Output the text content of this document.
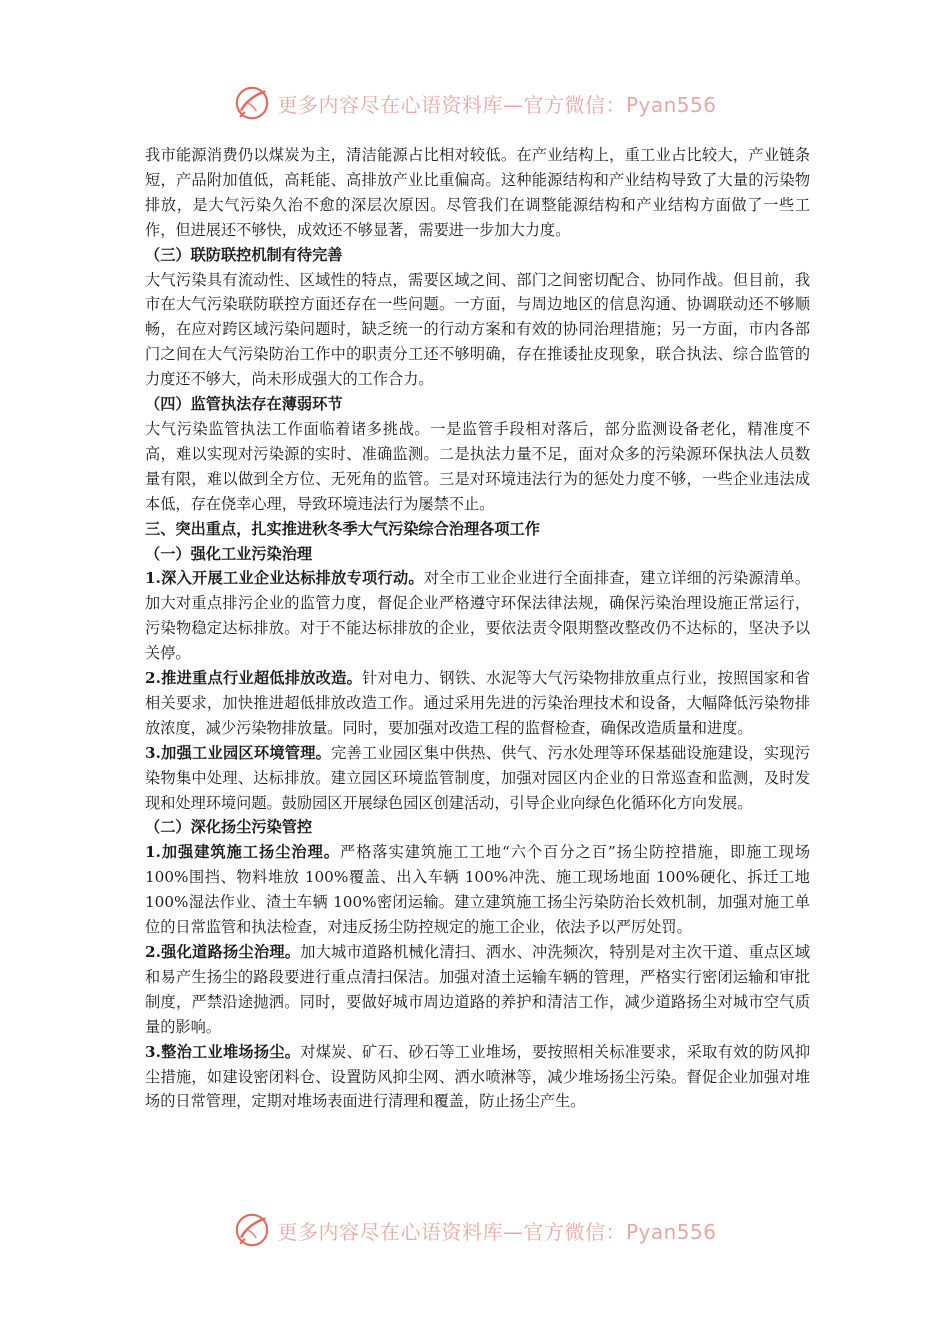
更多内容尽在心语资料库—官方微信：Pyan556

我市能源消费仍以煤炭为主，清洁能源占比相对较低。在产业结构上，重工业占比较大，产业链条短，产品附加值低，高耗能、高排放产业比重偏高。这种能源结构和产业结构导致了大量的污染物排放，是大气污染久治不愈的深层次原因。尽管我们在调整能源结构和产业结构方面做了一些工作，但进展还不够快，成效还不够显著，需要进一步加大力度。

（三）联防联控机制有待完善

大气污染具有流动性、区域性的特点，需要区域之间、部门之间密切配合、协同作战。但目前，我市在大气污染联防联控方面还存在一些问题。一方面，与周边地区的信息沟通、协调联动还不够顺畅，在应对跨区域污染问题时，缺乏统一的行动方案和有效的协同治理措施；另一方面，市内各部门之间在大气污染防治工作中的职责分工还不够明确，存在推诿扯皮现象，联合执法、综合监管的力度还不够大，尚未形成强大的工作合力。

（四）监管执法存在薄弱环节

大气污染监管执法工作面临着诸多挑战。一是监管手段相对落后，部分监测设备老化，精准度不高，难以实现对污染源的实时、准确监测。二是执法力量不足，面对众多的污染源环保执法人员数量有限，难以做到全方位、无死角的监管。三是对环境违法行为的惩处力度不够，一些企业违法成本低，存在侥幸心理，导致环境违法行为屡禁不止。

三、突出重点，扎实推进秋冬季大气污染综合治理各项工作

（一）强化工业污染治理

1.深入开展工业企业达标排放专项行动。对全市工业企业进行全面排查，建立详细的污染源清单。加大对重点排污企业的监管力度，督促企业严格遵守环保法律法规，确保污染治理设施正常运行，污染物稳定达标排放。对于不能达标排放的企业，要依法责令限期整改整改仍不达标的，坚决予以关停。

2.推进重点行业超低排放改造。针对电力、钢铁、水泥等大气污染物排放重点行业，按照国家和省相关要求，加快推进超低排放改造工作。通过采用先进的污染治理技术和设备，大幅降低污染物排放浓度，减少污染物排放量。同时，要加强对改造工程的监督检查，确保改造质量和进度。

3.加强工业园区环境管理。完善工业园区集中供热、供气、污水处理等环保基础设施建设，实现污染物集中处理、达标排放。建立园区环境监管制度，加强对园区内企业的日常巡查和监测，及时发现和处理环境问题。鼓励园区开展绿色园区创建活动，引导企业向绿色化循环化方向发展。

（二）深化扬尘污染管控

1.加强建筑施工扬尘治理。严格落实建筑施工工地“六个百分之百”扬尘防控措施，即施工现场 100%围挡、物料堆放 100%覆盖、出入车辆 100%冲洗、施工现场地面 100%硬化、拆迁工地 100%湿法作业、渣土车辆 100%密闭运输。建立建筑施工扬尘污染防治长效机制，加强对施工单位的日常监管和执法检查，对违反扬尘防控规定的施工企业，依法予以严厉处罚。

2.强化道路扬尘治理。加大城市道路机械化清扫、洒水、冲洗频次，特别是对主次干道、重点区域和易产生扬尘的路段要进行重点清扫保洁。加强对渣土运输车辆的管理，严格实行密闭运输和审批制度，严禁沿途抛洒。同时，要做好城市周边道路的养护和清洁工作，减少道路扬尘对城市空气质量的影响。

3.整治工业堆场扬尘。对煤炭、矿石、砂石等工业堆场，要按照相关标准要求，采取有效的防风抑尘措施，如建设密闭料仓、设置防风抑尘网、洒水喷淋等，减少堆场扬尘污染。督促企业加强对堆场的日常管理，定期对堆场表面进行清理和覆盖，防止扬尘产生。

更多内容尽在心语资料库—官方微信：Pyan556
